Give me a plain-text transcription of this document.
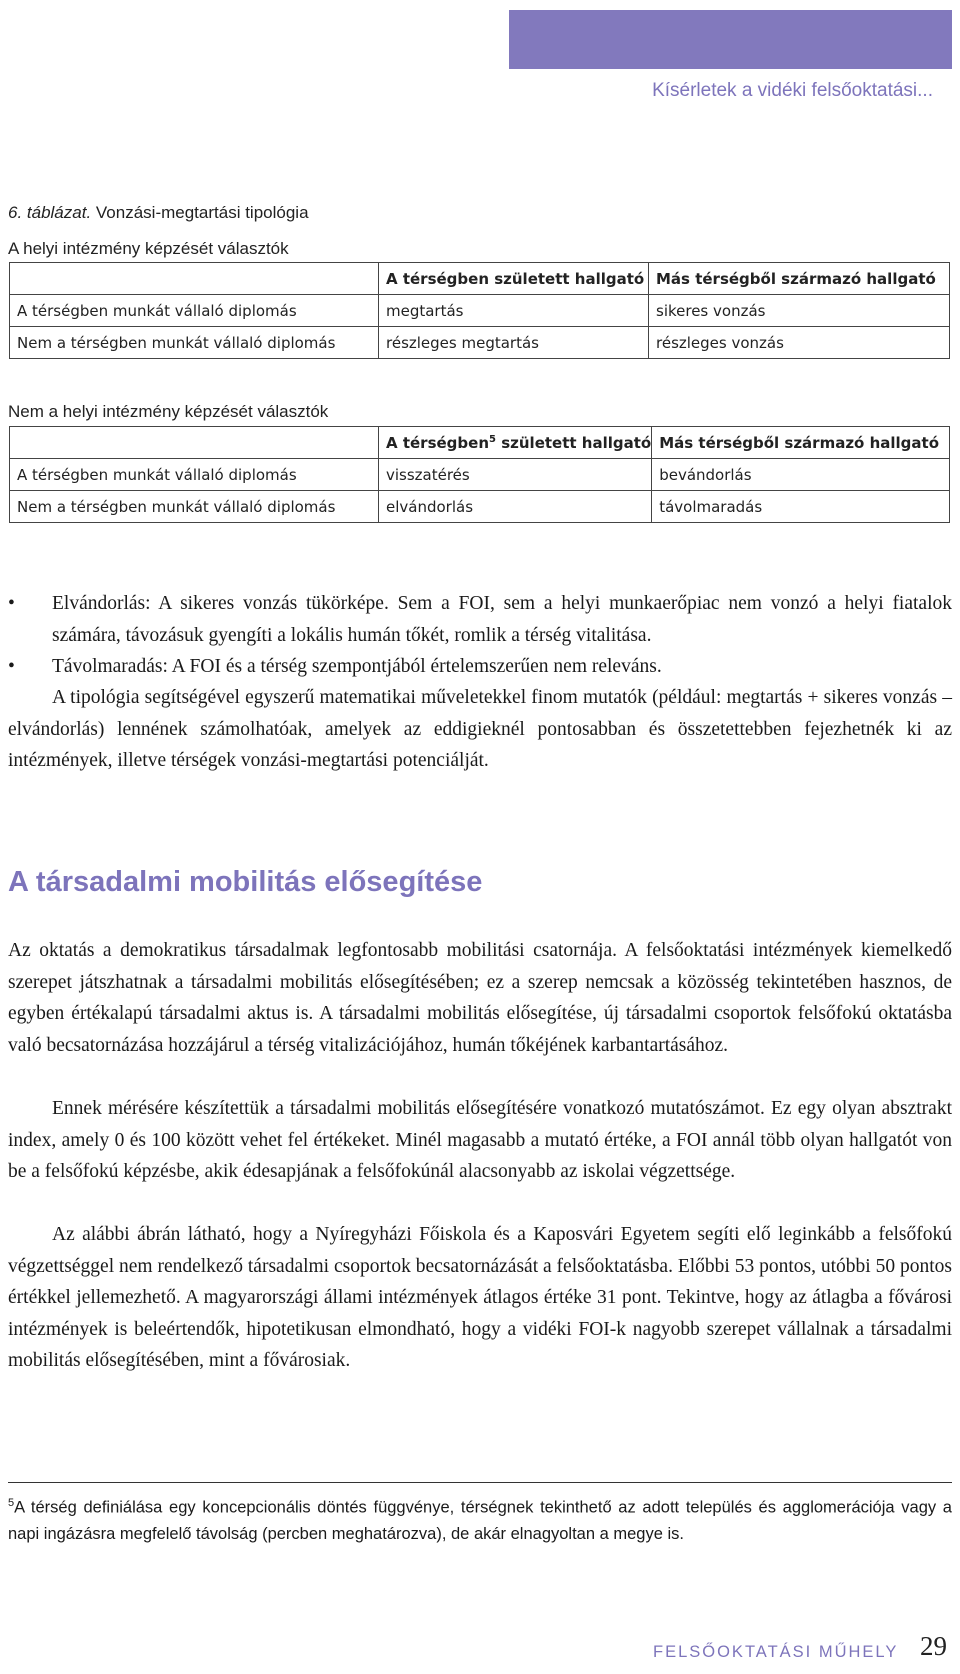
Kísérletek a vidéki felsőoktatási...
6. táblázat. Vonzási-megtartási tipológia
A helyi intézmény képzését választók
	A térségben született hallgató	Más térségből származó hallgató
A térségben munkát vállaló diplomás	megtartás	sikeres vonzás
Nem a térségben munkát vállaló diplomás	részleges megtartás	részleges vonzás
Nem a helyi intézmény képzését választók
	A térségben$^5$ született hallgató	Más térségből származó hallgató
A térségben munkát vállaló diplomás	visszatérés	bevándorlás
Nem a térségben munkát vállaló diplomás	elvándorlás	távolmaradás
• Elvándorlás: A sikeres vonzás tükörképe. Sem a FOI, sem a helyi munkaerőpiac nem vonzó a helyi fiatalok számára, távozásuk gyengíti a lokális humán tőkét, romlik a térség vitalitása.
• Távolmaradás: A FOI és a térség szempontjából értelemszerűen nem releváns.

A tipológia segítségével egyszerű matematikai műveletekkel finom mutatók (például: megtartás + sikeres vonzás – elvándorlás) lennének számolhatóak, amelyek az eddigieknél pontosabban és összetettebben fejezhetnék ki az intézmények, illetve térségek vonzási-megtartási potenciálját.

A társadalmi mobilitás elősegítése

Az oktatás a demokratikus társadalmak legfontosabb mobilitási csatornája. A felsőoktatási intézmények kiemelkedő szerepet játszhatnak a társadalmi mobilitás elősegítésében; ez a szerep nemcsak a közösség tekintetében hasznos, de egyben értékalapú társadalmi aktus is. A társadalmi mobilitás elősegítése, új társadalmi csoportok felsőfokú oktatásba való becsatornázása hozzájárul a térség vitalizációjához, humán tőkéjének karbantartásához.

Ennek mérésére készítettük a társadalmi mobilitás elősegítésére vonatkozó mutatószámot. Ez egy olyan absztrakt index, amely 0 és 100 között vehet fel értékeket. Minél magasabb a mutató értéke, a FOI annál több olyan hallgatót von be a felsőfokú képzésbe, akik édesapjának a felsőfokúnál alacsonyabb az iskolai végzettsége.

Az alábbi ábrán látható, hogy a Nyíregyházi Főiskola és a Kaposvári Egyetem segíti elő leginkább a felsőfokú végzettséggel nem rendelkező társadalmi csoportok becsatornázását a felsőoktatásba. Előbbi 53 pontos, utóbbi 50 pontos értékkel jellemezhető. A magyarországi állami intézmények átlagos értéke 31 pont. Tekintve, hogy az átlagba a fővárosi intézmények is beleértendők, hipotetikusan elmondható, hogy a vidéki FOI-k nagyobb szerepet vállalnak a társadalmi mobilitás elősegítésében, mint a fővárosiak.

$^5$A térség definiálása egy koncepcionális döntés függvénye, térségnek tekinthető az adott település és agglomerációja vagy a napi ingázásra megfelelő távolság (percben meghatározva), de akár elnagyoltan a megye is.

FELSŐOKTATÁSI MŰHELY 29
